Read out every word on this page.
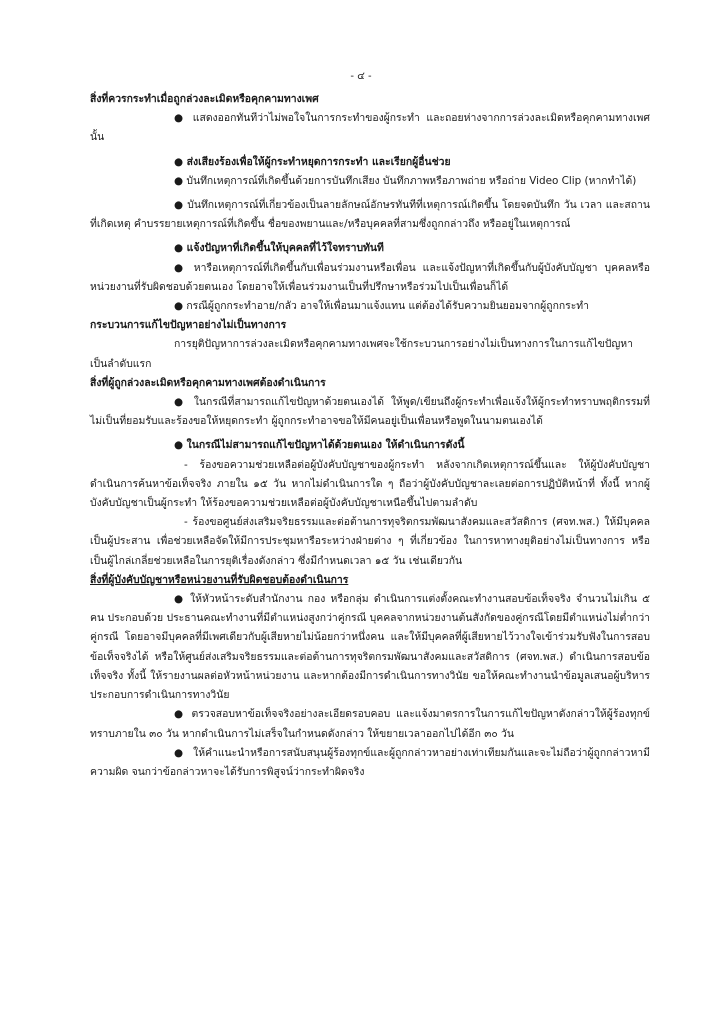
- ๔ -

สิ่งที่ควรกระทำเมื่อถูกล่วงละเมิดหรือคุกคามทางเพศ

● แสดงออกทันทีว่าไม่พอใจในการกระทำของผู้กระทำ และถอยห่างจากการล่วงละเมิดหรือคุกคามทางเพศนั้น

● ส่งเสียงร้องเพื่อให้ผู้กระทำหยุดการกระทำ และเรียกผู้อื่นช่วย

● บันทึกเหตุการณ์ที่เกิดขึ้นด้วยการบันทึกเสียง บันทึกภาพหรือภาพถ่าย หรือถ่าย Video Clip (หากทำได้)

● บันทึกเหตุการณ์ที่เกี่ยวข้องเป็นลายลักษณ์อักษรทันทีที่เหตุการณ์เกิดขึ้น โดยจดบันทึก วัน เวลา และสถานที่เกิดเหตุ คำบรรยายเหตุการณ์ที่เกิดขึ้น ชื่อของพยานและ/หรือบุคคลที่สามซึ่งถูกกล่าวถึง หรืออยู่ในเหตุการณ์

● แจ้งปัญหาที่เกิดขึ้นให้บุคคลที่ไว้ใจทราบทันที

● หารือเหตุการณ์ที่เกิดขึ้นกับเพื่อนร่วมงานหรือเพื่อน และแจ้งปัญหาที่เกิดขึ้นกับผู้บังคับบัญชา บุคคลหรือหน่วยงานที่รับผิดชอบด้วยตนเอง โดยอาจให้เพื่อนร่วมงานเป็นที่ปรึกษาหรือร่วมไปเป็นเพื่อนก็ได้

● กรณีผู้ถูกกระทำอาย/กลัว อาจให้เพื่อนมาแจ้งแทน แต่ต้องได้รับความยินยอมจากผู้ถูกกระทำ

กระบวนการแก้ไขปัญหาอย่างไม่เป็นทางการ

การยุติปัญหาการล่วงละเมิดหรือคุกคามทางเพศจะใช้กระบวนการอย่างไม่เป็นทางการในการแก้ไขปัญหาเป็นลำดับแรก

สิ่งที่ผู้ถูกล่วงละเมิดหรือคุกคามทางเพศต้องดำเนินการ

● ในกรณีที่สามารถแก้ไขปัญหาด้วยตนเองได้ ให้พูด/เขียนถึงผู้กระทำเพื่อแจ้งให้ผู้กระทำทราบพฤติกรรมที่ไม่เป็นที่ยอมรับและร้องขอให้หยุดกระทำ ผู้ถูกกระทำอาจขอให้มีคนอยู่เป็นเพื่อนหรือพูดในนามตนเองได้

● ในกรณีไม่สามารถแก้ไขปัญหาได้ด้วยตนเอง ให้ดำเนินการดังนี้

- ร้องขอความช่วยเหลือต่อผู้บังคับบัญชาของผู้กระทำ หลังจากเกิดเหตุการณ์ขึ้นและ ให้ผู้บังคับบัญชาดำเนินการค้นหาข้อเท็จจริง ภายใน ๑๕ วัน หากไม่ดำเนินการใด ๆ ถือว่าผู้บังคับบัญชาละเลยต่อการปฏิบัติหน้าที่ ทั้งนี้ หากผู้บังคับบัญชาเป็นผู้กระทำ ให้ร้องขอความช่วยเหลือต่อผู้บังคับบัญชาเหนือขึ้นไปตามลำดับ

- ร้องขอศูนย์ส่งเสริมจริยธรรมและต่อต้านการทุจริตกรมพัฒนาสังคมและสวัสดิการ (ศจท.พส.) ให้มีบุคคลเป็นผู้ประสาน เพื่อช่วยเหลือจัดให้มีการประชุมหารือระหว่างฝ่ายต่าง ๆ ที่เกี่ยวข้อง ในการหาทางยุติอย่างไม่เป็นทางการ หรือเป็นผู้ไกล่เกลี่ยช่วยเหลือในการยุติเรื่องดังกล่าว ซึ่งมีกำหนดเวลา ๑๕ วัน เช่นเดียวกัน

สิ่งที่ผู้บังคับบัญชาหรือหน่วยงานที่รับผิดชอบต้องดำเนินการ

● ให้หัวหน้าระดับสำนักงาน กอง หรือกลุ่ม ดำเนินการแต่งตั้งคณะทำงานสอบข้อเท็จจริง จำนวนไม่เกิน ๕ คน ประกอบด้วย ประธานคณะทำงานที่มีตำแหน่งสูงกว่าคู่กรณี บุคคลจากหน่วยงานต้นสังกัดของคู่กรณีโดยมีตำแหน่งไม่ต่ำกว่าคู่กรณี โดยอาจมีบุคคลที่มีเพศเดียวกับผู้เสียหายไม่น้อยกว่าหนึ่งคน และให้มีบุคคลที่ผู้เสียหายไว้วางใจเข้าร่วมรับฟังในการสอบข้อเท็จจริงได้ หรือให้ศูนย์ส่งเสริมจริยธรรมและต่อต้านการทุจริตกรมพัฒนาสังคมและสวัสดิการ (ศจท.พส.) ดำเนินการสอบข้อเท็จจริง ทั้งนี้ ให้รายงานผลต่อหัวหน้าหน่วยงาน และหากต้องมีการดำเนินการทางวินัย ขอให้คณะทำงานนำข้อมูลเสนอผู้บริหาร ประกอบการดำเนินการทางวินัย

● ตรวจสอบหาข้อเท็จจริงอย่างละเอียดรอบคอบ และแจ้งมาตรการในการแก้ไขปัญหาดังกล่าวให้ผู้ร้องทุกข์ทราบภายใน ๓๐ วัน หากดำเนินการไม่เสร็จในกำหนดดังกล่าว ให้ขยายเวลาออกไปได้อีก ๓๐ วัน

● ให้คำแนะนำหรือการสนับสนุนผู้ร้องทุกข์และผู้ถูกกล่าวหาอย่างเท่าเทียมกันและจะไม่ถือว่าผู้ถูกกล่าวหามีความผิด จนกว่าข้อกล่าวหาจะได้รับการพิสูจน์ว่ากระทำผิดจริง
